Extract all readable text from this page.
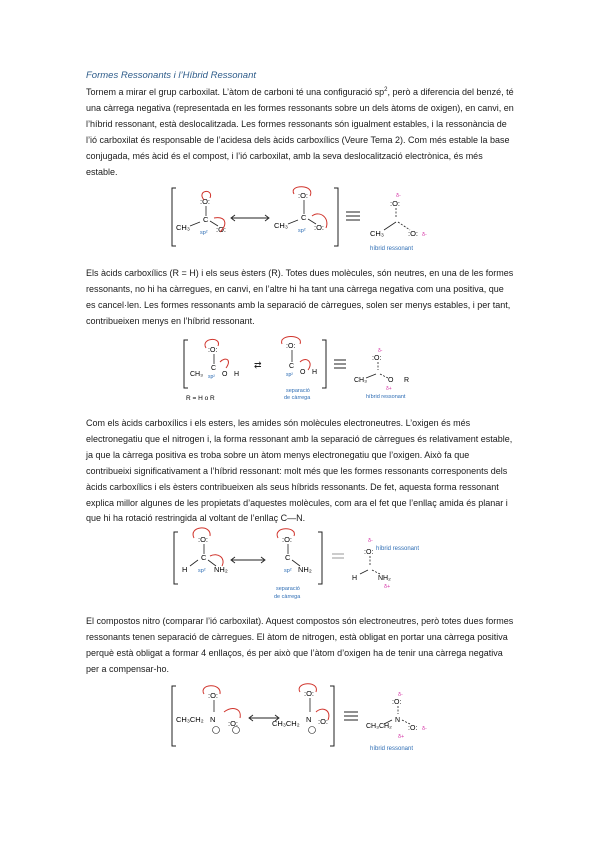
Formes Ressonants i l’Híbrid Ressonant

Tornem a mirar el grup carboxilat. L’àtom de carboni té una configuració $sp^2$, però a diferencia del benzé, té una càrrega negativa (representada en les formes ressonants sobre un dels àtoms de oxigen), en canvi, en l’híbrid ressonant, està deslocalitzada. Les formes ressonants són igualment estables, i la ressonància de l’ió carboxilat és responsable de l’acidesa dels àcids carboxílics (Veure Tema 2). Com més estable la base conjugada, més àcid és el compost, i l’ió carboxilat, amb la seva deslocalització electrònica, és més estable.

:O:
C
CH₃	:O:
sp²
:O:
C
CH₃	:O:
sp²
δ-
:O:
CH₃	:O: δ-
híbrid ressonant

Els àcids carboxílics (R = H) i els seus èsters (R). Totes dues molècules, són neutres, en una de les formes ressonants, no hi ha càrregues, en canvi, en l’altre hi ha tant una càrrega negativa com una positiva, que es cancel·len. Les formes ressonants amb la separació de càrregues, solen ser menys estables, i per tant, contribueixen menys en l’híbrid ressonant.

:O:
C
CH₃	O H
sp²
R = H o R
⇄
:O:
C
O H
sp²
separació
de càrrega
δ-
:O:
CH₃	O R
δ+
híbrid ressonant

Com els àcids carboxílics i els esters, les amides són molècules electroneutres. L’oxigen és més electronegatiu que el nitrogen i, la forma ressonant amb la separació de càrregues és relativament estable, ja que la càrrega positiva es troba sobre un àtom menys electronegatiu que l’oxigen. Això fa que contribueixi significativament a l’híbrid ressonant: molt més que les formes ressonants corresponents dels àcids carboxílics i els èsters contribueixen als seus híbrids ressonants. De fet, aquesta forma ressonant explica millor algunes de les propietats d’aquestes molècules, com ara el fet que l’enllaç amida és planar i que hi ha rotació restringida al voltant de l’enllaç C—N.

:O:
C
H	NH₂
sp²
:O:
C
NH₂
sp²
separació
de càrrega
δ-
híbrid ressonant
:O:
H	NH₂
δ+

El compostos nitro (comparar l’ió carboxilat). Aquest compostos són electroneutres, però totes dues formes ressonants tenen separació de càrregues. El àtom de nitrogen, està obligat en portar una càrrega positiva perquè està obligat a formar 4 enllaços, és per això que l’àtom d’oxigen ha de tenir una càrrega negativa per a compensar-ho.

:O:
N
CH₃CH₂	:O:
:O:
N
CH₃CH₂ :O:
δ-
:O:
N
CH₃CH₂ :O: δ-
δ+
híbrid ressonant
